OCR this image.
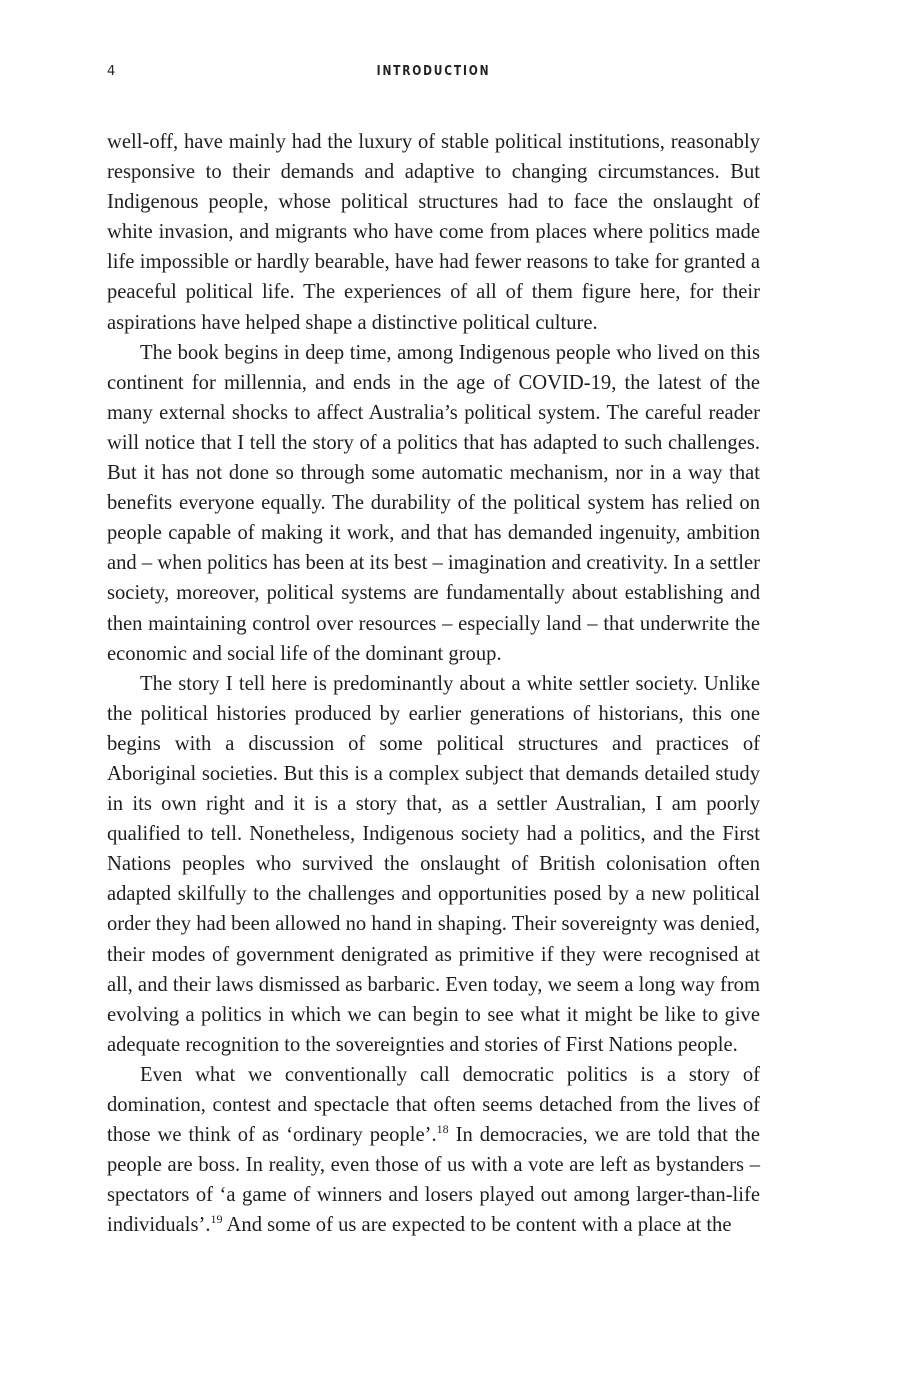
4	INTRODUCTION

well-off, have mainly had the luxury of stable political institutions, reasonably responsive to their demands and adaptive to changing circumstances. But Indigenous people, whose political structures had to face the onslaught of white invasion, and migrants who have come from places where politics made life impossible or hardly bearable, have had fewer reasons to take for granted a peaceful political life. The experiences of all of them figure here, for their aspirations have helped shape a distinctive political culture.

The book begins in deep time, among Indigenous people who lived on this continent for millennia, and ends in the age of COVID-19, the latest of the many external shocks to affect Australia’s political system. The careful reader will notice that I tell the story of a politics that has adapted to such challenges. But it has not done so through some automatic mechanism, nor in a way that benefits everyone equally. The durability of the political system has relied on people capable of making it work, and that has demanded ingenuity, ambition and – when politics has been at its best – imagination and creativity. In a settler society, moreover, political systems are fundamentally about establishing and then maintaining control over resources – especially land – that underwrite the economic and social life of the dominant group.

The story I tell here is predominantly about a white settler society. Unlike the political histories produced by earlier generations of historians, this one begins with a discussion of some political structures and practices of Aboriginal societies. But this is a complex subject that demands detailed study in its own right and it is a story that, as a settler Australian, I am poorly qualified to tell. Nonetheless, Indigenous society had a politics, and the First Nations peoples who survived the onslaught of British colonisation often adapted skilfully to the challenges and opportunities posed by a new political order they had been allowed no hand in shaping. Their sovereignty was denied, their modes of government denigrated as primitive if they were recognised at all, and their laws dismissed as barbaric. Even today, we seem a long way from evolving a politics in which we can begin to see what it might be like to give adequate recognition to the sovereignties and stories of First Nations people.

Even what we conventionally call democratic politics is a story of domination, contest and spectacle that often seems detached from the lives of those we think of as ‘ordinary people’.$^{18}$ In democracies, we are told that the people are boss. In reality, even those of us with a vote are left as bystanders – spectators of ‘a game of winners and losers played out among larger-than-life individuals’.$^{19}$ And some of us are expected to be content with a place at the
